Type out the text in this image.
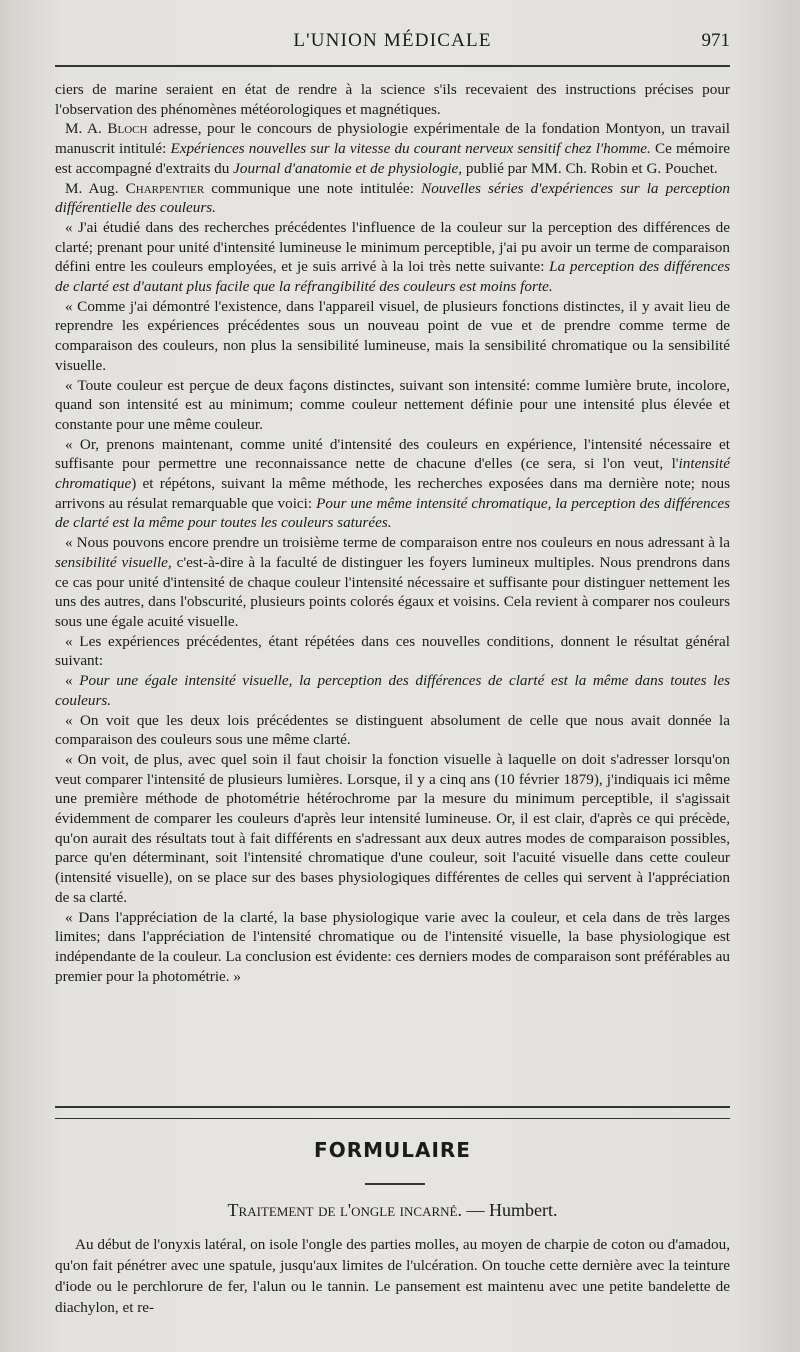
L'UNION MÉDICALE	971

ciers de marine seraient en état de rendre à la science s'ils recevaient des instructions précises pour l'observation des phénomènes météorologiques et magnétiques.

M. A. Bloch adresse, pour le concours de physiologie expérimentale de la fondation Montyon, un travail manuscrit intitulé: Expériences nouvelles sur la vitesse du courant nerveux sensitif chez l'homme. Ce mémoire est accompagné d'extraits du Journal d'anatomie et de physiologie, publié par MM. Ch. Robin et G. Pouchet.

M. Aug. Charpentier communique une note intitulée: Nouvelles séries d'expériences sur la perception différentielle des couleurs.

« J'ai étudié dans des recherches précédentes l'influence de la couleur sur la perception des différences de clarté; prenant pour unité d'intensité lumineuse le minimum perceptible, j'ai pu avoir un terme de comparaison défini entre les couleurs employées, et je suis arrivé à la loi très nette suivante: La perception des différences de clarté est d'autant plus facile que la réfrangibilité des couleurs est moins forte.

« Comme j'ai démontré l'existence, dans l'appareil visuel, de plusieurs fonctions distinctes, il y avait lieu de reprendre les expériences précédentes sous un nouveau point de vue et de prendre comme terme de comparaison des couleurs, non plus la sensibilité lumineuse, mais la sensibilité chromatique ou la sensibilité visuelle.

« Toute couleur est perçue de deux façons distinctes, suivant son intensité: comme lumière brute, incolore, quand son intensité est au minimum; comme couleur nettement définie pour une intensité plus élevée et constante pour une même couleur.

« Or, prenons maintenant, comme unité d'intensité des couleurs en expérience, l'intensité nécessaire et suffisante pour permettre une reconnaissance nette de chacune d'elles (ce sera, si l'on veut, l'intensité chromatique) et répétons, suivant la même méthode, les recherches exposées dans ma dernière note; nous arrivons au résulat remarquable que voici: Pour une même intensité chromatique, la perception des différences de clarté est la même pour toutes les couleurs saturées.

« Nous pouvons encore prendre un troisième terme de comparaison entre nos couleurs en nous adressant à la sensibilité visuelle, c'est-à-dire à la faculté de distinguer les foyers lumineux multiples. Nous prendrons dans ce cas pour unité d'intensité de chaque couleur l'intensité nécessaire et suffisante pour distinguer nettement les uns des autres, dans l'obscurité, plusieurs points colorés égaux et voisins. Cela revient à comparer nos couleurs sous une égale acuité visuelle.

« Les expériences précédentes, étant répétées dans ces nouvelles conditions, donnent le résultat général suivant:

« Pour une égale intensité visuelle, la perception des différences de clarté est la même dans toutes les couleurs.

« On voit que les deux lois précédentes se distinguent absolument de celle que nous avait donnée la comparaison des couleurs sous une même clarté.

« On voit, de plus, avec quel soin il faut choisir la fonction visuelle à laquelle on doit s'adresser lorsqu'on veut comparer l'intensité de plusieurs lumières. Lorsque, il y a cinq ans (10 février 1879), j'indiquais ici même une première méthode de photométrie hétérochrome par la mesure du minimum perceptible, il s'agissait évidemment de comparer les couleurs d'après leur intensité lumineuse. Or, il est clair, d'après ce qui précède, qu'on aurait des résultats tout à fait différents en s'adressant aux deux autres modes de comparaison possibles, parce qu'en déterminant, soit l'intensité chromatique d'une couleur, soit l'acuité visuelle dans cette couleur (intensité visuelle), on se place sur des bases physiologiques différentes de celles qui servent à l'appréciation de sa clarté.

« Dans l'appréciation de la clarté, la base physiologique varie avec la couleur, et cela dans de très larges limites; dans l'appréciation de l'intensité chromatique ou de l'intensité visuelle, la base physiologique est indépendante de la couleur. La conclusion est évidente: ces derniers modes de comparaison sont préférables au premier pour la photométrie. »

FORMULAIRE
Traitement de l'ongle incarné. — Humbert.

Au début de l'onyxis latéral, on isole l'ongle des parties molles, au moyen de charpie de coton ou d'amadou, qu'on fait pénétrer avec une spatule, jusqu'aux limites de l'ulcération. On touche cette dernière avec la teinture d'iode ou le perchlorure de fer, l'alun ou le tannin. Le pansement est maintenu avec une petite bandelette de diachylon, et re-
